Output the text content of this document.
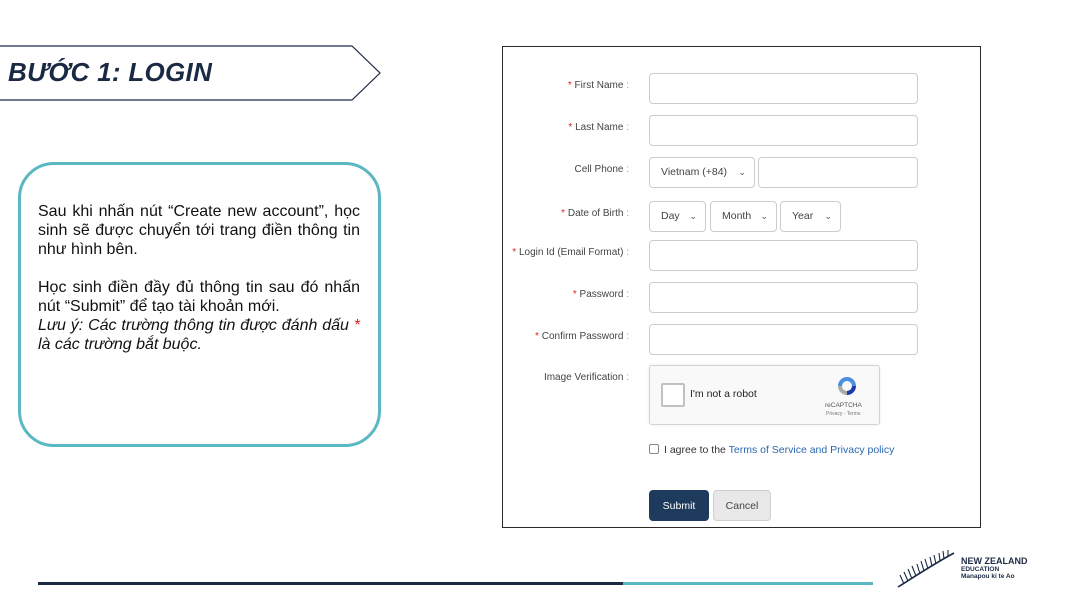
BƯỚC 1: LOGIN

Sau khi nhấn nút “Create new account”, học sinh sẽ được chuyển tới trang điền thông tin như hình bên.

Học sinh điền đầy đủ thông tin sau đó nhấn nút “Submit” để tạo tài khoản mới.

Lưu ý: Các trường thông tin được đánh dấu * là các trường bắt buộc.

* First Name :
* Last Name :
Cell Phone :	Vietnam (+84) ⌄
* Date of Birth :	Day ⌄	Month ⌄	Year ⌄
* Login Id (Email Format) :
* Password :
* Confirm Password :
Image Verification :
I'm not a robot
reCAPTCHA
Privacy - Terms
I agree to the Terms of Service and Privacy policy
Submit	Cancel
NEW ZEALAND
EDUCATION
Manapou ki te Ao
